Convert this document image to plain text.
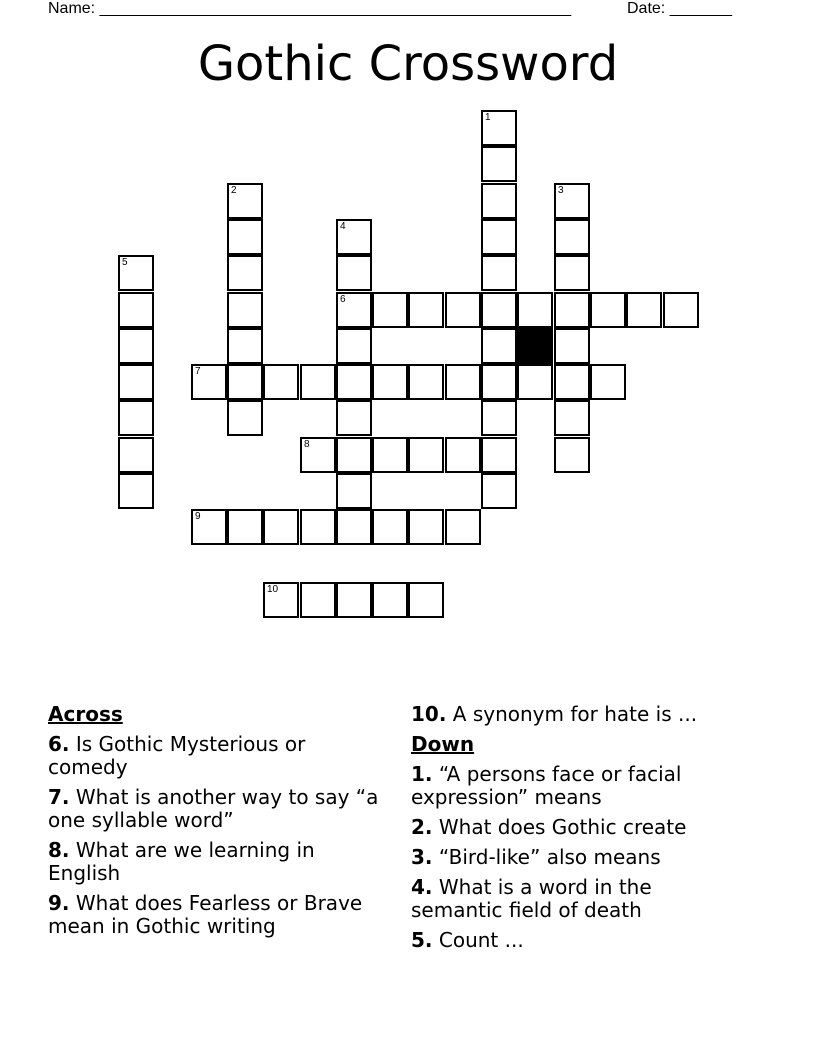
Name: _____________________________________________________	Date: _______
Gothic Crossword
1
2	3
4
6
5
7
8
9
10
Across
6. Is Gothic Mysterious or comedy
7. What is another way to say “a one syllable word”
8. What are we learning in English
9. What does Fearless or Brave mean in Gothic writing
10. A synonym for hate is ...
Down
1. “A persons face or facial expression” means
2. What does Gothic create
3. “Bird-like” also means
4. What is a word in the semantic field of death
5. Count ...
